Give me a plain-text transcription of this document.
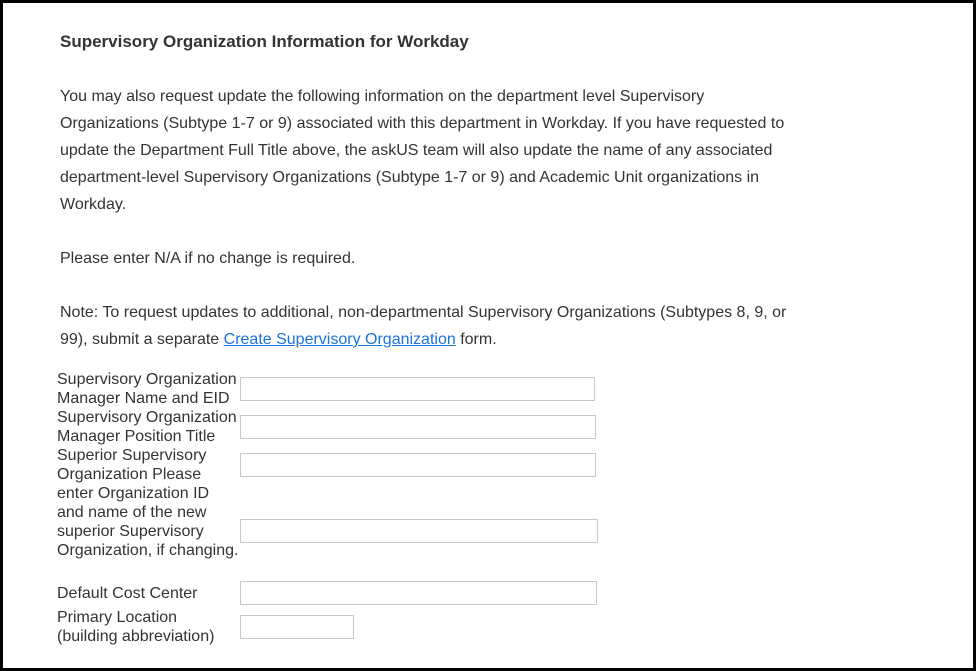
Supervisory Organization Information for Workday

You may also request update the following information on the department level Supervisory Organizations (Subtype 1-7 or 9) associated with this department in Workday. If you have requested to update the Department Full Title above, the askUS team will also update the name of any associated department-level Supervisory Organizations (Subtype 1-7 or 9) and Academic Unit organizations in Workday.

Please enter N/A if no change is required.

Note: To request updates to additional, non-departmental Supervisory Organizations (Subtypes 8, 9, or 99), submit a separate Create Supervisory Organization form.

Supervisory Organization Manager Name and EID
Supervisory Organization Manager Position Title
Superior Supervisory Organization Please enter Organization ID and name of the new superior Supervisory Organization, if changing.
Default Cost Center
Primary Location (building abbreviation)
